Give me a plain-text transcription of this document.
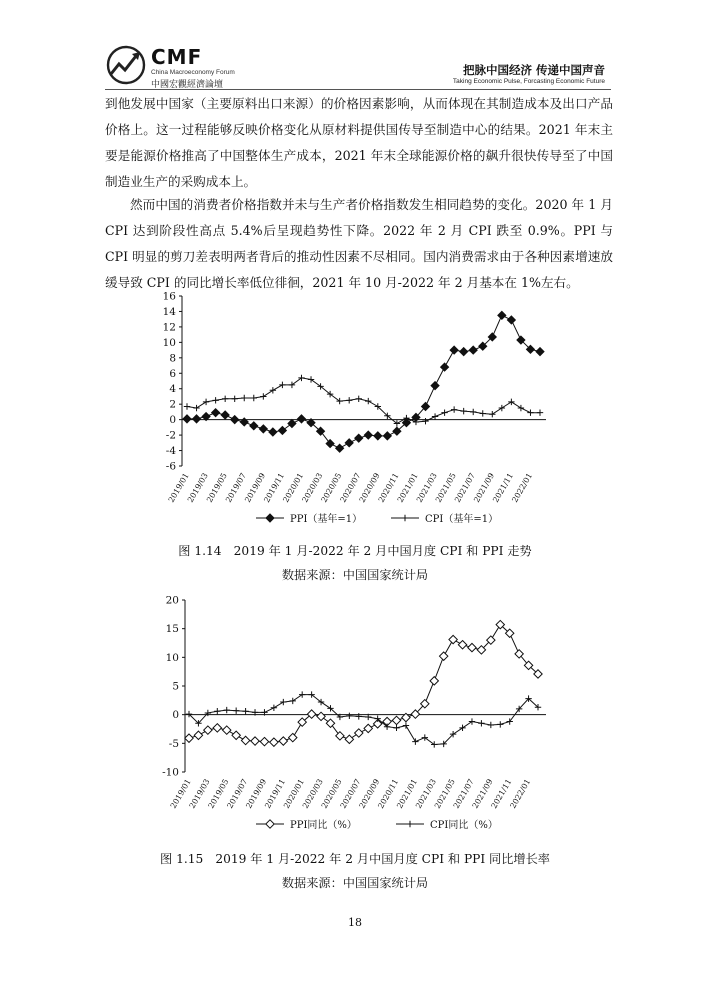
CMF
China Macroeconomy Forum
中國宏觀經濟論壇
把脉中国经济 传递中国声音
Taking Economic Pulse, Forcasting Economic Future
到他发展中国家（主要原料出口来源）的价格因素影响，从而体现在其制造成本及出口产品价格上。这一过程能够反映价格变化从原材料提供国传导至制造中心的结果。2021 年末主要是能源价格推高了中国整体生产成本，2021 年末全球能源价格的飙升很快传导至了中国制造业生产的采购成本上。
然而中国的消费者价格指数并未与生产者价格指数发生相同趋势的变化。2020 年 1 月 CPI 达到阶段性高点 5.4%后呈现趋势性下降。2022 年 2 月 CPI 跌至 0.9%。PPI 与 CPI 明显的剪刀差表明两者背后的推动性因素不尽相同。国内消费需求由于各种因素增速放缓导致 CPI 的同比增长率低位徘徊，2021 年 10 月-2022 年 2 月基本在 1%左右。
-6
-4
-2
0
2
4
6
8
10
12
14
16
2019/01
2019/03
2019/05
2019/07
2019/09
2019/11
2020/01
2020/03
2020/05
2020/07
2020/09
2020/11
2021/01
2021/03
2021/05
2021/07
2021/09
2021/11
2022/01
PPI（基年=1）	CPI（基年=1）
图 1.14　2019 年 1 月-2022 年 2 月中国月度 CPI 和 PPI 走势
数据来源：中国国家统计局
-10
-5
0
5
10
15
20
2019/01
2019/03
2019/05
2019/07
2019/09
2019/11
2020/01
2020/03
2020/05
2020/07
2020/09
2020/11
2021/01
2021/03
2021/05
2021/07
2021/09
2021/11
2022/01
PPI同比（%）	CPI同比（%）
图 1.15　2019 年 1 月-2022 年 2 月中国月度 CPI 和 PPI 同比增长率
数据来源：中国国家统计局
18
